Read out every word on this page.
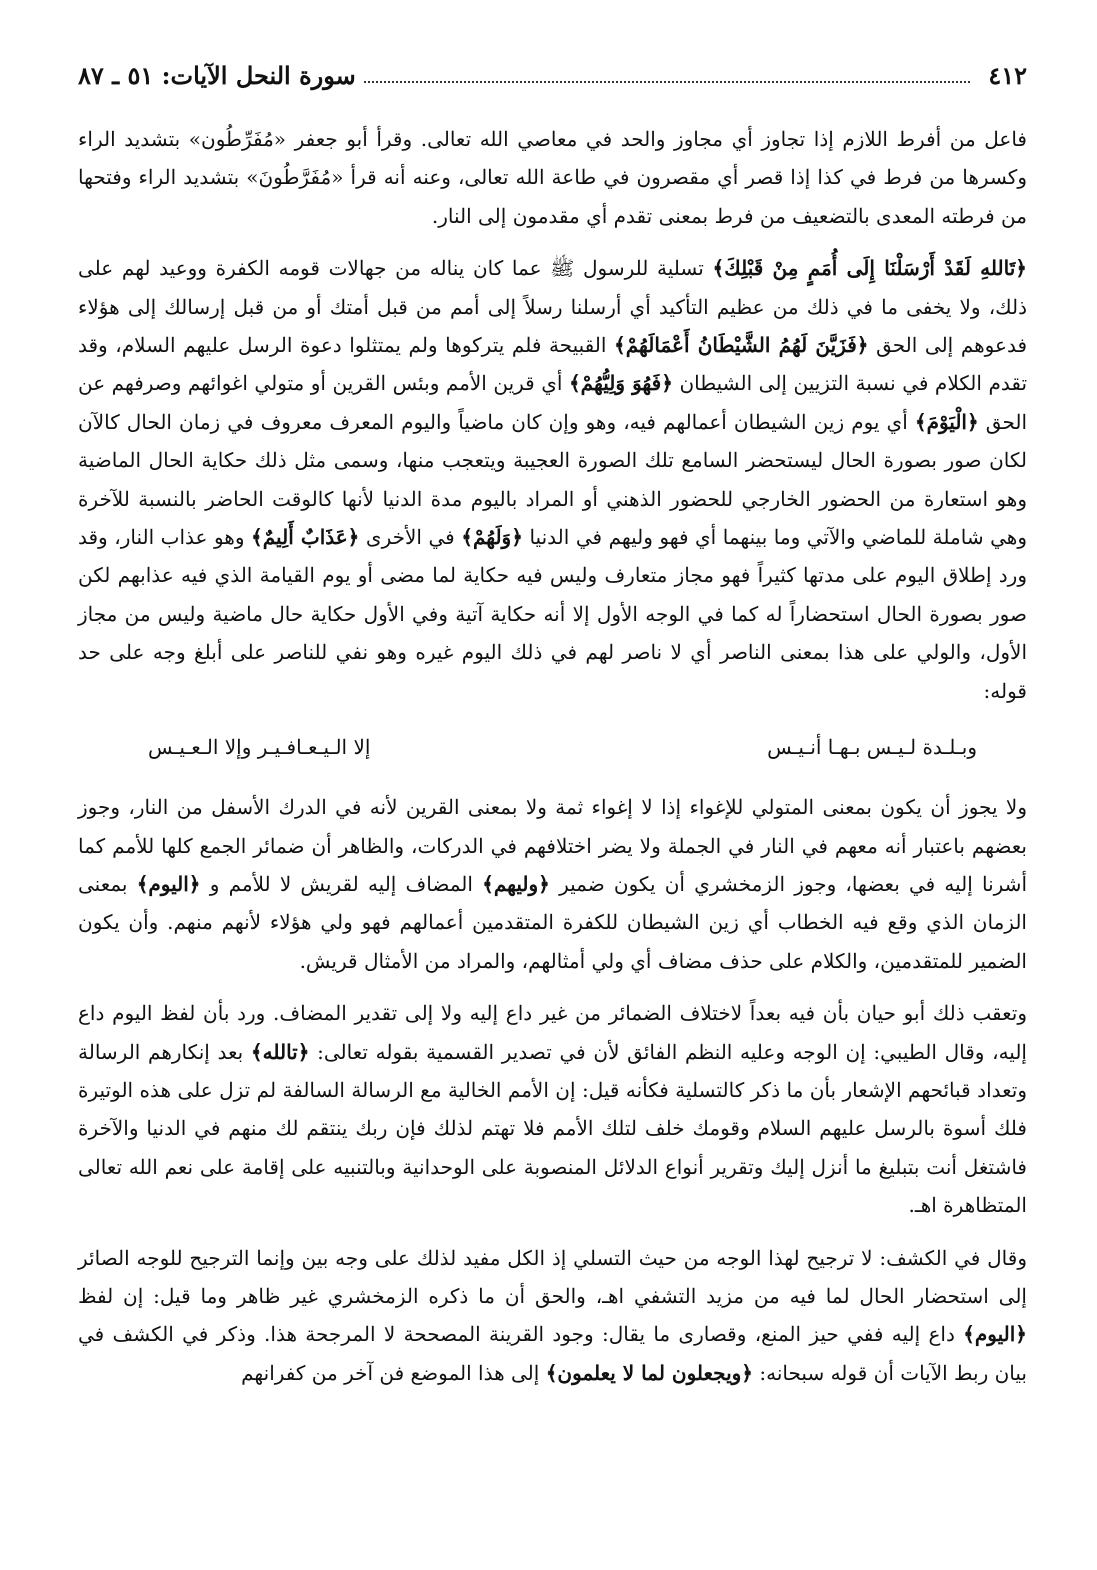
٤١٢
سورة النحل الآيات: ٥١ ـ ٨٧

فاعل من أفرط اللازم إذا تجاوز أي مجاوز والحد في معاصي الله تعالى. وقرأ أبو جعفر «مُفَرِّطُون» بتشديد الراء وكسرها من فرط في كذا إذا قصر أي مقصرون في طاعة الله تعالى، وعنه أنه قرأ «مُفَرَّطُونَ» بتشديد الراء وفتحها من فرطته المعدى بالتضعيف من فرط بمعنى تقدم أي مقدمون إلى النار.

﴿تَاللهِ لَقَدْ أَرْسَلْنَا إِلَى أُمَمٍ مِنْ قَبْلِكَ﴾ تسلية للرسول ﷺ عما كان يناله من جهالات قومه الكفرة ووعيد لهم على ذلك، ولا يخفى ما في ذلك من عظيم التأكيد أي أرسلنا رسلاً إلى أمم من قبل أمتك أو من قبل إرسالك إلى هؤلاء فدعوهم إلى الحق ﴿فَزَيَّنَ لَهُمُ الشَّيْطَانُ أَعْمَالَهُمْ﴾ القبيحة فلم يتركوها ولم يمتثلوا دعوة الرسل عليهم السلام، وقد تقدم الكلام في نسبة التزيين إلى الشيطان ﴿فَهُوَ وَلِيُّهُمْ﴾ أي قرين الأمم وبئس القرين أو متولي اغوائهم وصرفهم عن الحق ﴿الْيَوْمَ﴾ أي يوم زين الشيطان أعمالهم فيه، وهو وإن كان ماضياً واليوم المعرف معروف في زمان الحال كالآن لكان صور بصورة الحال ليستحضر السامع تلك الصورة العجيبة ويتعجب منها، وسمى مثل ذلك حكاية الحال الماضية وهو استعارة من الحضور الخارجي للحضور الذهني أو المراد باليوم مدة الدنيا لأنها كالوقت الحاضر بالنسبة للآخرة وهي شاملة للماضي والآتي وما بينهما أي فهو وليهم في الدنيا ﴿وَلَهُمْ﴾ في الأخرى ﴿عَذَابٌ أَلِيمٌ﴾ وهو عذاب النار، وقد ورد إطلاق اليوم على مدتها كثيراً فهو مجاز متعارف وليس فيه حكاية لما مضى أو يوم القيامة الذي فيه عذابهم لكن صور بصورة الحال استحضاراً له كما في الوجه الأول إلا أنه حكاية آتية وفي الأول حكاية حال ماضية وليس من مجاز الأول، والولي على هذا بمعنى الناصر أي لا ناصر لهم في ذلك اليوم غيره وهو نفي للناصر على أبلغ وجه على حد قوله:

وبـلـدة لـيـس بـهـا أنـيـس
إلا الـيـعـافـيـر وإلا الـعـيـس

ولا يجوز أن يكون بمعنى المتولي للإغواء إذا لا إغواء ثمة ولا بمعنى القرين لأنه في الدرك الأسفل من النار، وجوز بعضهم باعتبار أنه معهم في النار في الجملة ولا يضر اختلافهم في الدركات، والظاهر أن ضمائر الجمع كلها للأمم كما أشرنا إليه في بعضها، وجوز الزمخشري أن يكون ضمير ﴿وليهم﴾ المضاف إليه لقريش لا للأمم و ﴿اليوم﴾ بمعنى الزمان الذي وقع فيه الخطاب أي زين الشيطان للكفرة المتقدمين أعمالهم فهو ولي هؤلاء لأنهم منهم. وأن يكون الضمير للمتقدمين، والكلام على حذف مضاف أي ولي أمثالهم، والمراد من الأمثال قريش.

وتعقب ذلك أبو حيان بأن فيه بعداً لاختلاف الضمائر من غير داع إليه ولا إلى تقدير المضاف. ورد بأن لفظ اليوم داع إليه، وقال الطيبي: إن الوجه وعليه النظم الفائق لأن في تصدير القسمية بقوله تعالى: ﴿تالله﴾ بعد إنكارهم الرسالة وتعداد قبائحهم الإشعار بأن ما ذكر كالتسلية فكأنه قيل: إن الأمم الخالية مع الرسالة السالفة لم تزل على هذه الوتيرة فلك أسوة بالرسل عليهم السلام وقومك خلف لتلك الأمم فلا تهتم لذلك فإن ربك ينتقم لك منهم في الدنيا والآخرة فاشتغل أنت بتبليغ ما أنزل إليك وتقرير أنواع الدلائل المنصوبة على الوحدانية وبالتنبيه على إقامة على نعم الله تعالى المتظاهرة اهـ.

وقال في الكشف: لا ترجيح لهذا الوجه من حيث التسلي إذ الكل مفيد لذلك على وجه بين وإنما الترجيح للوجه الصائر إلى استحضار الحال لما فيه من مزيد التشفي اهـ، والحق أن ما ذكره الزمخشري غير ظاهر وما قيل: إن لفظ ﴿اليوم﴾ داع إليه ففي حيز المنع، وقصارى ما يقال: وجود القرينة المصححة لا المرجحة هذا. وذكر في الكشف في بيان ربط الآيات أن قوله سبحانه: ﴿ويجعلون لما لا يعلمون﴾ إلى هذا الموضع فن آخر من كفرانهم
